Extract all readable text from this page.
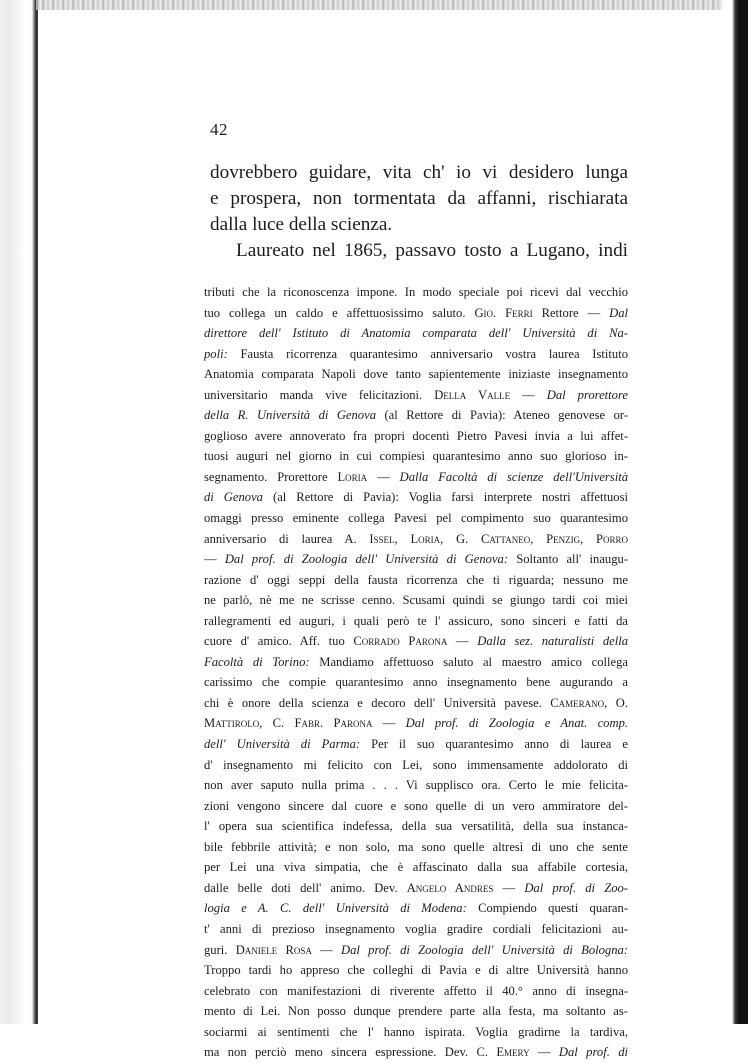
42
dovrebbero guidare, vita ch' io vi desidero lunga
e prospera, non tormentata da affanni, rischiarata
dalla luce della scienza.
Laureato nel 1865, passavo tosto a Lugano, indi
tributi che la riconoscenza impone. In modo speciale poi ricevi dal vecchio
tuo collega un caldo e affettuosissimo saluto. Gio. Ferri Rettore — Dal
direttore dell' Istituto di Anatomia comparata dell' Università di Na-
poli: Fausta ricorrenza quarantesimo anniversario vostra laurea Istituto
Anatomia comparata Napoli dove tanto sapientemente iniziaste insegnamento
universitario manda vive felicitazioni. Della Valle — Dal prorettore
della R. Università di Genova (al Rettore di Pavia): Ateneo genovese or-
goglioso avere annoverato fra propri docenti Pietro Pavesi invia a lui affet-
tuosi auguri nel giorno in cui compiesi quarantesimo anno suo glorioso in-
segnamento. Prorettore Loria — Dalla Facoltà di scienze dell'Università
di Genova (al Rettore di Pavia): Voglia farsi interprete nostri affettuosi
omaggi presso eminente collega Pavesi pel compimento suo quarantesimo
anniversario di laurea A. Issel, Loria, G. Cattaneo, Penzig, Porro
— Dal prof. di Zoologia dell' Università di Genova: Soltanto all' inaugu-
razione d' oggi seppi della fausta ricorrenza che ti riguarda; nessuno me
ne parlò, nè me ne scrisse cenno. Scusami quindi se giungo tardi coi miei
rallegramenti ed auguri, i quali però te l' assicuro, sono sinceri e fatti da
cuore d' amico. Aff. tuo Corrado Parona — Dalla sez. naturalisti della
Facoltà di Torino: Mandiamo affettuoso saluto al maestro amico collega
carissimo che compie quarantesimo anno insegnamento bene augurando a
chi è onore della scienza e decoro dell' Università pavese. Camerano, O.
Mattirolo, C. Fabr. Parona — Dal prof. di Zoologia e Anat. comp.
dell' Università di Parma: Per il suo quarantesimo anno di laurea e
d' insegnamento mi felicito con Lei, sono immensamente addolorato di
non aver saputo nulla prima . . . Vi supplisco ora. Certo le mie felicita-
zioni vengono sincere dal cuore e sono quelle di un vero ammiratore del-
l' opera sua scientifica indefessa, della sua versatilità, della sua instanca-
bile febbrile attività; e non solo, ma sono quelle altresì di uno che sente
per Lei una viva simpatia, che è affascinato dalla sua affabile cortesia,
dalle belle doti dell' animo. Dev. Angelo Andres — Dal prof. di Zoo-
logia e A. C. dell' Università di Modena: Compiendo questi quaran-
t' anni di prezioso insegnamento voglia gradire cordiali felicitazioni au-
guri. Daniele Rosa — Dal prof. di Zoologia dell' Università di Bologna:
Troppo tardi ho appreso che colleghi di Pavia e di altre Università hanno
celebrato con manifestazioni di riverente affetto il 40.° anno di insegna-
mento di Lei. Non posso dunque prendere parte alla festa, ma soltanto as-
sociarmi ai sentimenti che l' hanno ispirata. Voglia gradirne la tardiva,
ma non perciò meno sincera espressione. Dev. C. Emery — Dal prof. di
